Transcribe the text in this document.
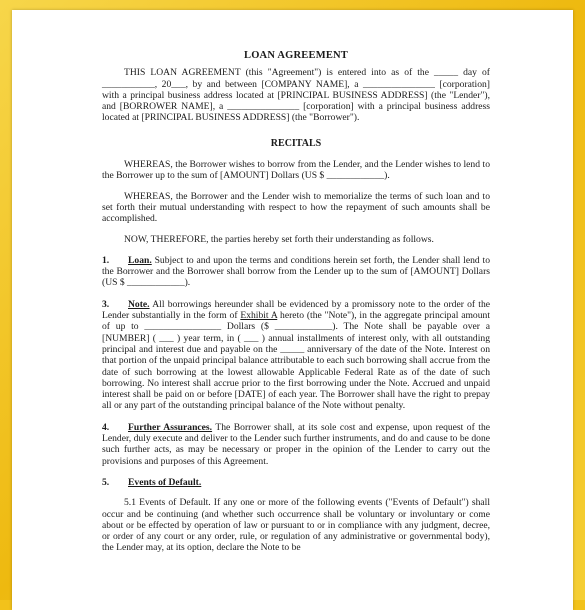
LOAN AGREEMENT

THIS LOAN AGREEMENT (this "Agreement") is entered into as of the _____ day of ___________, 20___, by and between [COMPANY NAME], a _______________ [corporation] with a principal business address located at [PRINCIPAL BUSINESS ADDRESS] (the "Lender"), and [BORROWER NAME], a _______________ [corporation] with a principal business address located at [PRINCIPAL BUSINESS ADDRESS] (the "Borrower").

RECITALS

WHEREAS, the Borrower wishes to borrow from the Lender, and the Lender wishes to lend to the Borrower up to the sum of [AMOUNT] Dollars (US $ ____________).

WHEREAS, the Borrower and the Lender wish to memorialize the terms of such loan and to set forth their mutual understanding with respect to how the repayment of such amounts shall be accomplished.

NOW, THEREFORE, the parties hereby set forth their understanding as follows.

1. Loan. Subject to and upon the terms and conditions herein set forth, the Lender shall lend to the Borrower and the Borrower shall borrow from the Lender up to the sum of [AMOUNT] Dollars (US $ ____________).

3. Note. All borrowings hereunder shall be evidenced by a promissory note to the order of the Lender substantially in the form of Exhibit A hereto (the "Note"), in the aggregate principal amount of up to ________________ Dollars ($ ____________). The Note shall be payable over a [NUMBER] ( ___ ) year term, in ( ___ ) annual installments of interest only, with all outstanding principal and interest due and payable on the _____ anniversary of the date of the Note. Interest on that portion of the unpaid principal balance attributable to each such borrowing shall accrue from the date of such borrowing at the lowest allowable Applicable Federal Rate as of the date of such borrowing. No interest shall accrue prior to the first borrowing under the Note. Accrued and unpaid interest shall be paid on or before [DATE] of each year. The Borrower shall have the right to prepay all or any part of the outstanding principal balance of the Note without penalty.

4. Further Assurances. The Borrower shall, at its sole cost and expense, upon request of the Lender, duly execute and deliver to the Lender such further instruments, and do and cause to be done such further acts, as may be necessary or proper in the opinion of the Lender to carry out the provisions and purposes of this Agreement.

5. Events of Default.

5.1 Events of Default. If any one or more of the following events ("Events of Default") shall occur and be continuing (and whether such occurrence shall be voluntary or involuntary or come about or be effected by operation of law or pursuant to or in compliance with any judgment, decree, or order of any court or any order, rule, or regulation of any administrative or governmental body), the Lender may, at its option, declare the Note to be
